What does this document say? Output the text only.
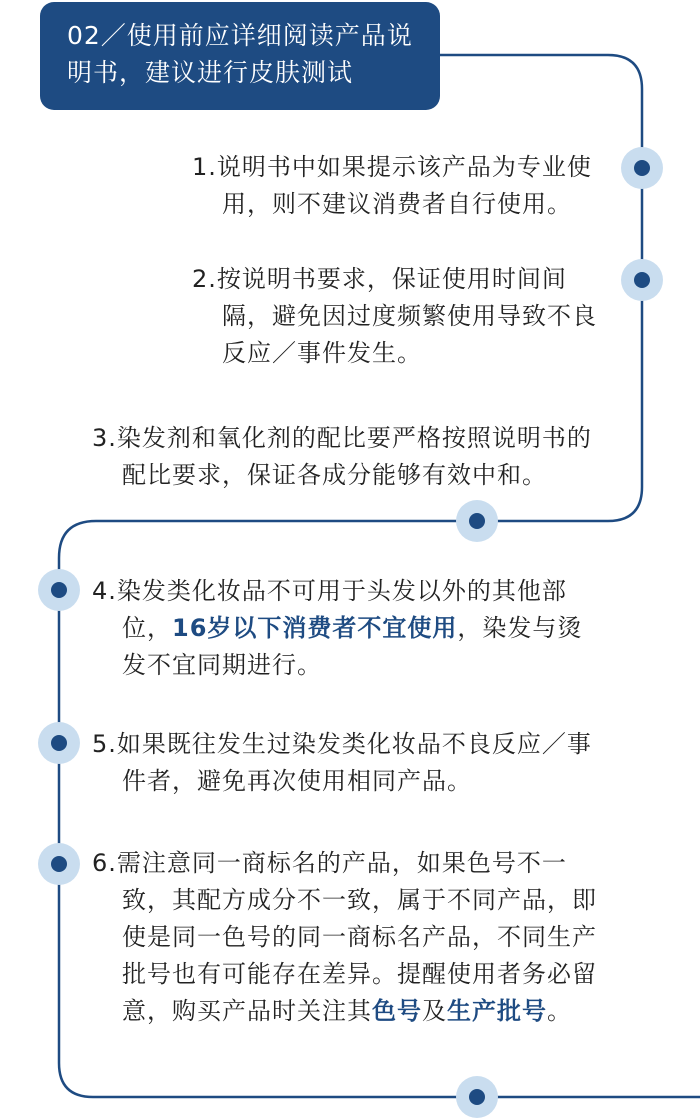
02／使用前应详细阅读产品说
明书，建议进行皮肤测试
1.说明书中如果提示该产品为专业使
用，则不建议消费者自行使用。
2.按说明书要求，保证使用时间间
隔，避免因过度频繁使用导致不良
反应／事件发生。
3.染发剂和氧化剂的配比要严格按照说明书的
配比要求，保证各成分能够有效中和。
4.染发类化妆品不可用于头发以外的其他部
位，16岁以下消费者不宜使用，染发与烫
发不宜同期进行。
5.如果既往发生过染发类化妆品不良反应／事
件者，避免再次使用相同产品。
6.需注意同一商标名的产品，如果色号不一
致，其配方成分不一致，属于不同产品，即
使是同一色号的同一商标名产品，不同生产
批号也有可能存在差异。提醒使用者务必留
意，购买产品时关注其色号及生产批号。
